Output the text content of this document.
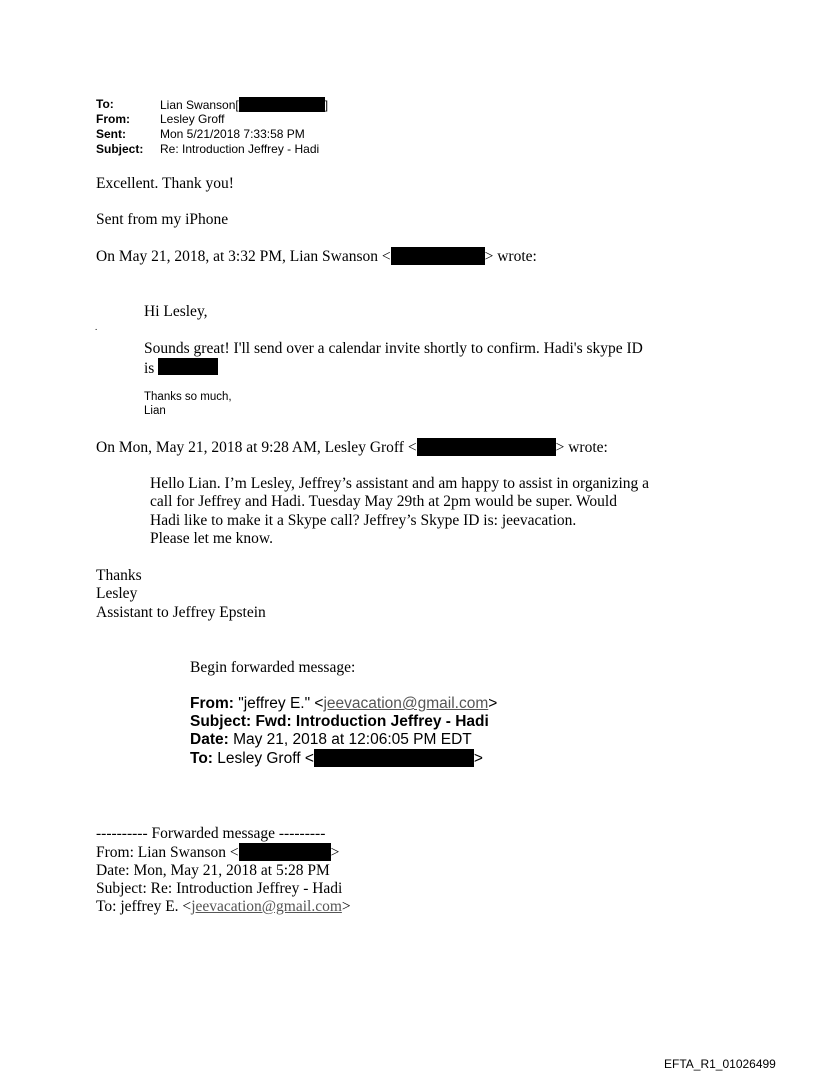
To:	Lian Swanson[	]
From:	Lesley Groff
Sent:	Mon 5/21/2018 7:33:58 PM
Subject: Re: Introduction Jeffrey - Hadi
Excellent. Thank you!
Sent from my iPhone
On May 21, 2018, at 3:32 PM, Lian Swanson <	> wrote:
Hi Lesley,
.
Sounds great! I'll send over a calendar invite shortly to confirm. Hadi's skype ID
is
Thanks so much,
Lian
On Mon, May 21, 2018 at 9:28 AM, Lesley Groff <	> wrote:
Hello Lian. I’m Lesley, Jeffrey’s assistant and am happy to assist in organizing a
call for Jeffrey and Hadi. Tuesday May 29th at 2pm would be super. Would
Hadi like to make it a Skype call? Jeffrey’s Skype ID is: jeevacation.
Please let me know.
Thanks
Lesley
Assistant to Jeffrey Epstein
Begin forwarded message:
From: "jeffrey E." <jeevacation@gmail.com>
Subject: Fwd: Introduction Jeffrey - Hadi
Date: May 21, 2018 at 12:06:05 PM EDT
To: Lesley Groff <	>
---------- Forwarded message ---------
From: Lian Swanson <	>
Date: Mon, May 21, 2018 at 5:28 PM
Subject: Re: Introduction Jeffrey - Hadi
To: jeffrey E. <jeevacation@gmail.com>
EFTA_R1_01026499
